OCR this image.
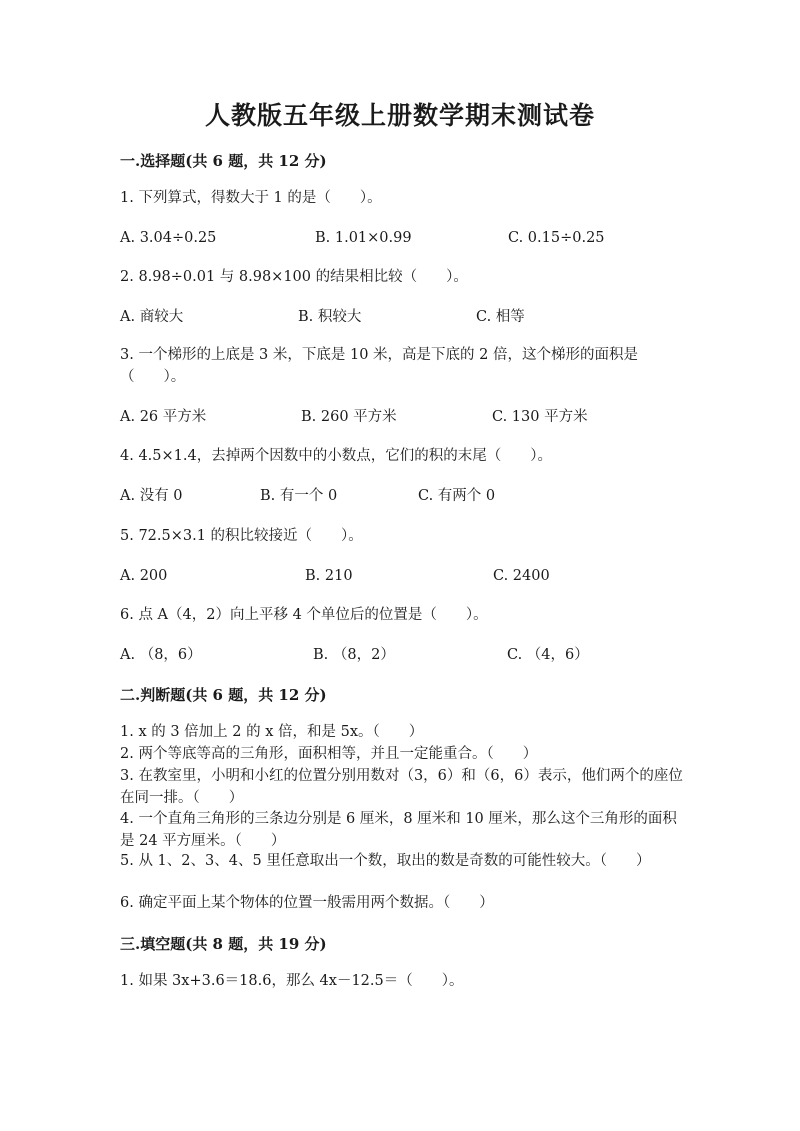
人教版五年级上册数学期末测试卷
一.选择题(共 6 题，共 12 分)
1. 下列算式，得数大于 1 的是（　　）。
A. 3.04÷0.25	B. 1.01×0.99	C. 0.15÷0.25
2. 8.98÷0.01 与 8.98×100 的结果相比较（　　）。
A. 商较大	B. 积较大	C. 相等
3. 一个梯形的上底是 3 米，下底是 10 米，高是下底的 2 倍，这个梯形的面积是（　　）。
A. 26 平方米	B. 260 平方米	C. 130 平方米
4. 4.5×1.4，去掉两个因数中的小数点，它们的积的末尾（　　）。
A. 没有 0	B. 有一个 0	C. 有两个 0
5. 72.5×3.1 的积比较接近（　　）。
A. 200	B. 210	C. 2400
6. 点 A（4，2）向上平移 4 个单位后的位置是（　　）。
A. （8，6）	B. （8，2）	C. （4，6）
二.判断题(共 6 题，共 12 分)
1. x 的 3 倍加上 2 的 x 倍，和是 5x。（　　）
2. 两个等底等高的三角形，面积相等，并且一定能重合。（　　）
3. 在教室里，小明和小红的位置分别用数对（3，6）和（6，6）表示，他们两个的座位在同一排。（　　）
4. 一个直角三角形的三条边分别是 6 厘米，8 厘米和 10 厘米，那么这个三角形的面积是 24 平方厘米。（　　）
5. 从 1、2、3、4、5 里任意取出一个数，取出的数是奇数的可能性较大。（　　）
6. 确定平面上某个物体的位置一般需用两个数据。（　　）
三.填空题(共 8 题，共 19 分)
1. 如果 3x+3.6＝18.6，那么 4x－12.5＝（　　）。
